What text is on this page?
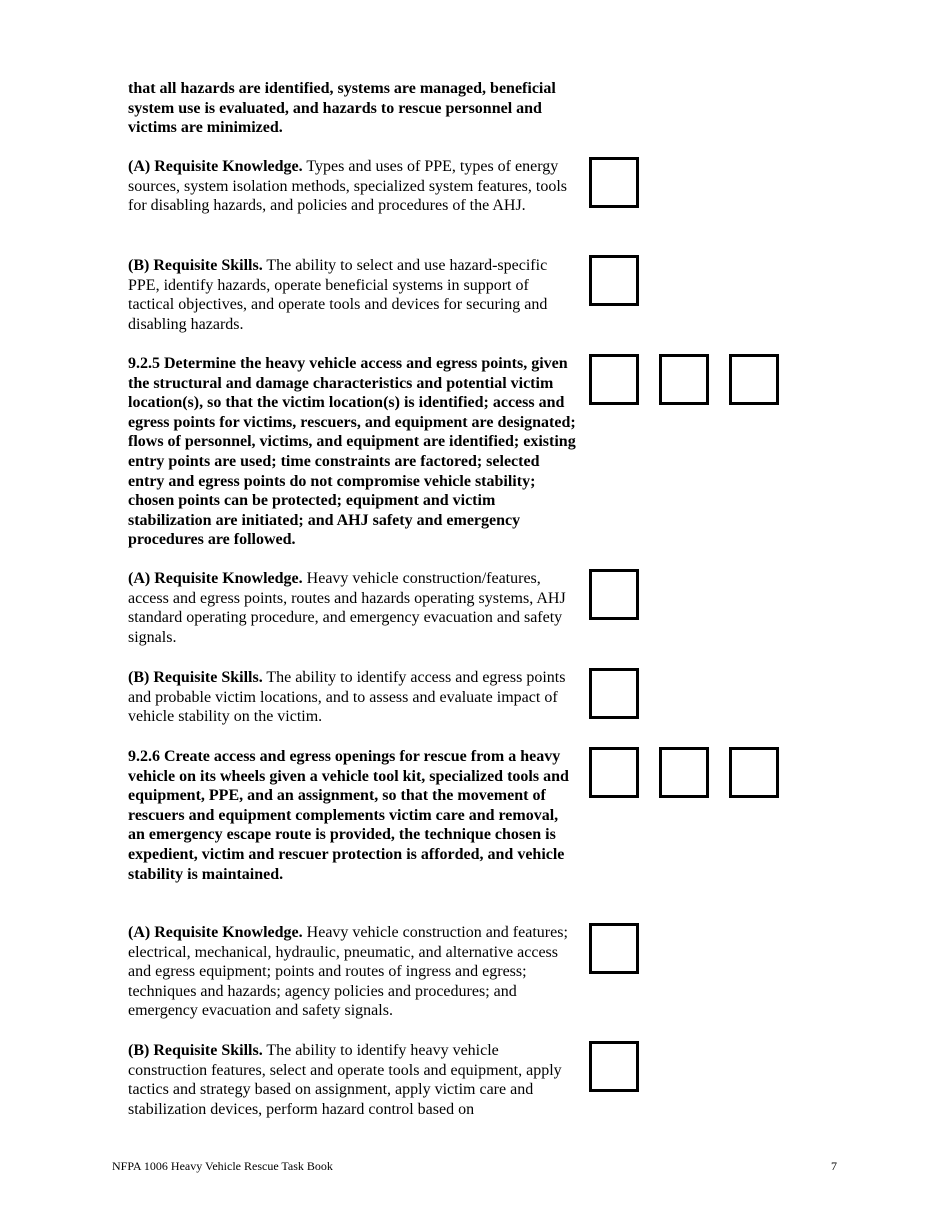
that all hazards are identified, systems are managed, beneficial system use is evaluated, and hazards to rescue personnel and victims are minimized.
(A) Requisite Knowledge. Types and uses of PPE, types of energy sources, system isolation methods, specialized system features, tools for disabling hazards, and policies and procedures of the AHJ.
(B) Requisite Skills. The ability to select and use hazard-specific PPE, identify hazards, operate beneficial systems in support of tactical objectives, and operate tools and devices for securing and disabling hazards.
9.2.5 Determine the heavy vehicle access and egress points, given the structural and damage characteristics and potential victim location(s), so that the victim location(s) is identified; access and egress points for victims, rescuers, and equipment are designated; flows of personnel, victims, and equipment are identified; existing entry points are used; time constraints are factored; selected entry and egress points do not compromise vehicle stability; chosen points can be protected; equipment and victim stabilization are initiated; and AHJ safety and emergency procedures are followed.
(A) Requisite Knowledge. Heavy vehicle construction/features, access and egress points, routes and hazards operating systems, AHJ standard operating procedure, and emergency evacuation and safety signals.
(B) Requisite Skills. The ability to identify access and egress points and probable victim locations, and to assess and evaluate impact of vehicle stability on the victim.
9.2.6 Create access and egress openings for rescue from a heavy vehicle on its wheels given a vehicle tool kit, specialized tools and equipment, PPE, and an assignment, so that the movement of rescuers and equipment complements victim care and removal, an emergency escape route is provided, the technique chosen is expedient, victim and rescuer protection is afforded, and vehicle stability is maintained.
(A) Requisite Knowledge. Heavy vehicle construction and features; electrical, mechanical, hydraulic, pneumatic, and alternative access and egress equipment; points and routes of ingress and egress; techniques and hazards; agency policies and procedures; and emergency evacuation and safety signals.
(B) Requisite Skills. The ability to identify heavy vehicle construction features, select and operate tools and equipment, apply tactics and strategy based on assignment, apply victim care and stabilization devices, perform hazard control based on
NFPA 1006 Heavy Vehicle Rescue Task Book	7
